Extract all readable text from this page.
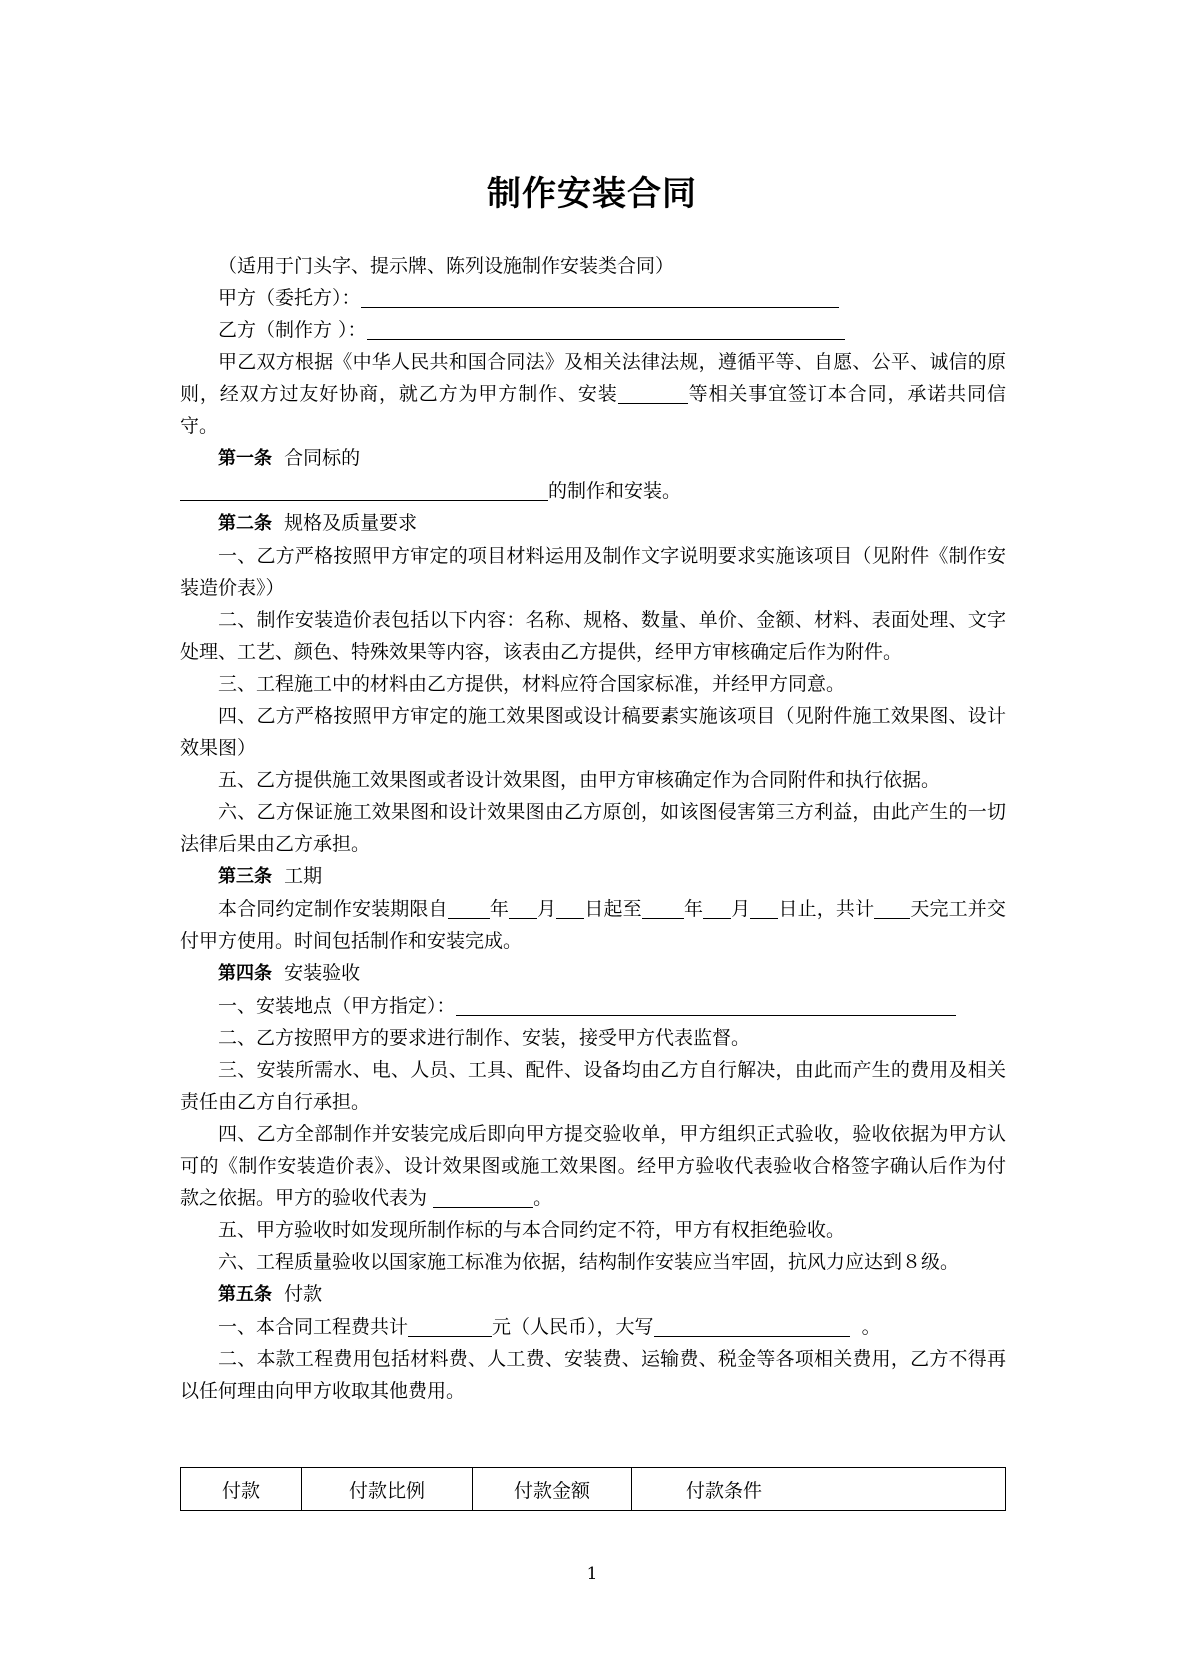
制作安装合同

（适用于门头字、提示牌、陈列设施制作安装类合同）

甲方（委托方）：

乙方（制作方 ）：

甲乙双方根据《中华人民共和国合同法》及相关法律法规，遵循平等、自愿、公平、诚信的原则，经双方过友好协商，就乙方为甲方制作、安装	等相关事宜签订本合同，承诺共同信守。

第一条 合同标的

的制作和安装。

第二条 规格及质量要求

一、乙方严格按照甲方审定的项目材料运用及制作文字说明要求实施该项目（见附件《制作安装造价表》）

二、制作安装造价表包括以下内容：名称、规格、数量、单价、金额、材料、表面处理、文字处理、工艺、颜色、特殊效果等内容，该表由乙方提供，经甲方审核确定后作为附件。

三、工程施工中的材料由乙方提供，材料应符合国家标准，并经甲方同意。

四、乙方严格按照甲方审定的施工效果图或设计稿要素实施该项目（见附件施工效果图、设计效果图）

五、乙方提供施工效果图或者设计效果图，由甲方审核确定作为合同附件和执行依据。

六、乙方保证施工效果图和设计效果图由乙方原创，如该图侵害第三方利益，由此产生的一切法律后果由乙方承担。

第三条 工期

本合同约定制作安装期限自 年 月 日起至 年 月 日止，共计 天完工并交付甲方使用。时间包括制作和安装完成。

第四条 安装验收

一、安装地点（甲方指定）：

二、乙方按照甲方的要求进行制作、安装，接受甲方代表监督。

三、安装所需水、电、人员、工具、配件、设备均由乙方自行解决，由此而产生的费用及相关责任由乙方自行承担。

四、乙方全部制作并安装完成后即向甲方提交验收单，甲方组织正式验收，验收依据为甲方认可的《制作安装造价表》、设计效果图或施工效果图。经甲方验收代表验收合格签字确认后作为付款之依据。甲方的验收代表为	。

五、甲方验收时如发现所制作标的与本合同约定不符，甲方有权拒绝验收。

六、工程质量验收以国家施工标准为依据，结构制作安装应当牢固，抗风力应达到８级。

第五条 付款

一、本合同工程费共计	元（人民币），大写	。

二、本款工程费用包括材料费、人工费、安装费、运输费、税金等各项相关费用，乙方不得再以任何理由向甲方收取其他费用。

付款	付款比例	付款金额	付款条件
1
